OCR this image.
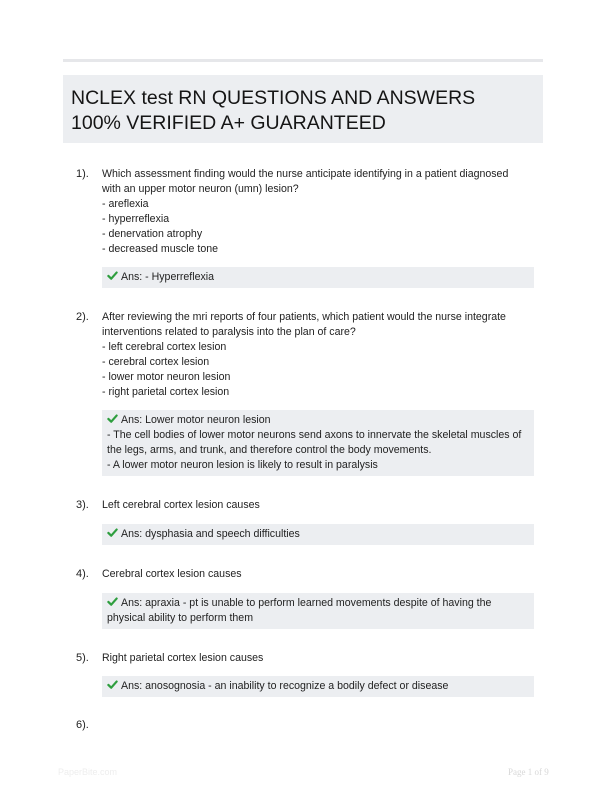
NCLEX test RN QUESTIONS AND ANSWERS
100% VERIFIED A+ GUARANTEED
1). Which assessment finding would the nurse anticipate identifying in a patient diagnosed
with an upper motor neuron (umn) lesion?
- areflexia
- hyperreflexia
- denervation atrophy
- decreased muscle tone
Ans: - Hyperreflexia
2). After reviewing the mri reports of four patients, which patient would the nurse integrate
interventions related to paralysis into the plan of care?
- left cerebral cortex lesion
- cerebral cortex lesion
- lower motor neuron lesion
- right parietal cortex lesion
Ans: Lower motor neuron lesion
- The cell bodies of lower motor neurons send axons to innervate the skeletal muscles of
the legs, arms, and trunk, and therefore control the body movements.
- A lower motor neuron lesion is likely to result in paralysis
3). Left cerebral cortex lesion causes
Ans: dysphasia and speech difficulties
4). Cerebral cortex lesion causes
Ans: apraxia - pt is unable to perform learned movements despite of having the
physical ability to perform them
5). Right parietal cortex lesion causes
Ans: anosognosia - an inability to recognize a bodily defect or disease
6).
PaperBite.com	Page 1 of 9
